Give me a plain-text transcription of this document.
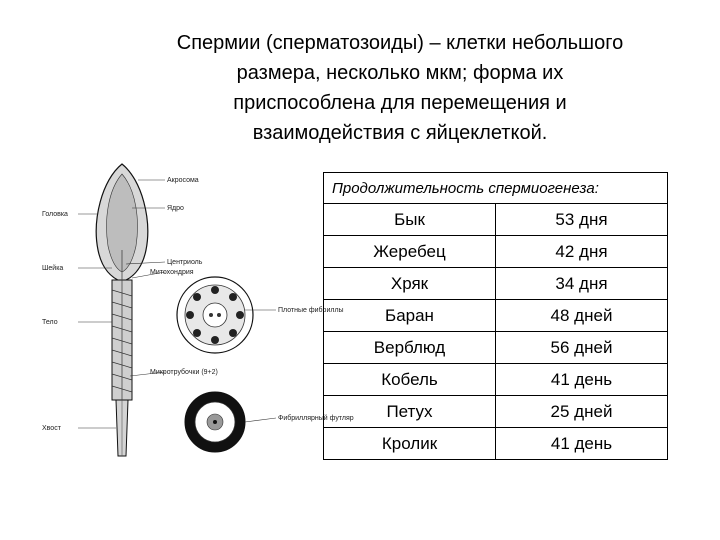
Спермии (сперматозоиды) – клетки небольшого
размера, несколько мкм; форма их
приспособлена для перемещения и
взаимодействия с яйцеклеткой.
Головка
Шейка
Тело
Хвост
Акросома
Ядро
Центриоль
Митохондрия
Плотные фибриллы
Микротрубочки (9+2)
Фибриллярный футляр
Продолжительность спермиогенеза:	
Бык	53 дня
Жеребец	42 дня
Хряк	34 дня
Баран	48 дней
Верблюд	56 дней
Кобель	41 день
Петух	25 дней
Кролик	41 день
